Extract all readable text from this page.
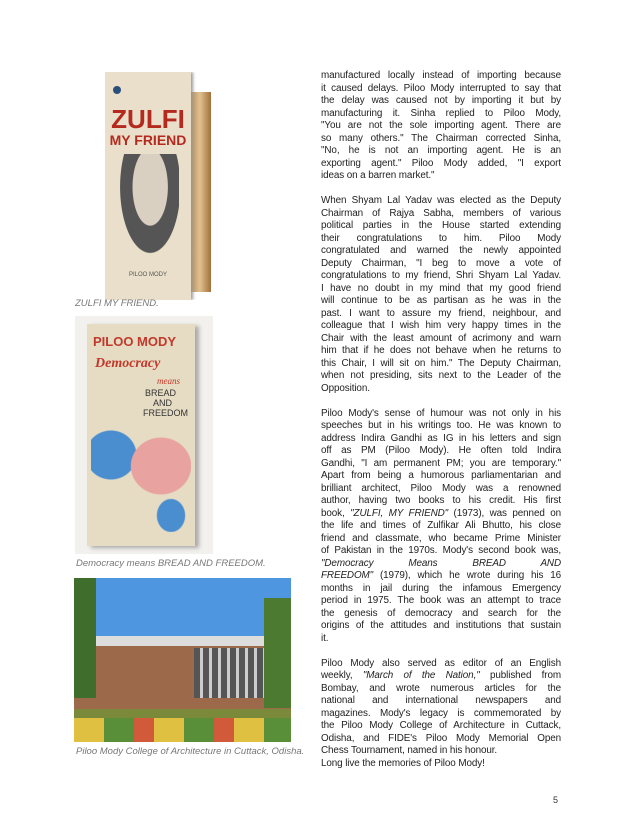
ZULFI
MY FRIEND
PILOO MODY
ZULFI MY FRIEND.
PILOO MODY
Democracy
means
BREAD
AND
FREEDOM
Democracy means BREAD AND FREEDOM.
Piloo Mody College of Architecture in Cuttack, Odisha.
manufactured locally instead of importing because
it caused delays. Piloo Mody interrupted to say that
the delay was caused not by importing it but by
manufacturing it. Sinha replied to Piloo Mody,
"You are not the sole importing agent. There are
so many others." The Chairman corrected Sinha,
"No, he is not an importing agent. He is an
exporting agent." Piloo Mody added, "I export
ideas on a barren market."
When Shyam Lal Yadav was elected as the Deputy
Chairman of Rajya Sabha, members of various
political parties in the House started extending
their congratulations to him. Piloo Mody
congratulated and warned the newly appointed
Deputy Chairman, "I beg to move a vote of
congratulations to my friend, Shri Shyam Lal Yadav.
I have no doubt in my mind that my good friend
will continue to be as partisan as he was in the
past. I want to assure my friend, neighbour, and
colleague that I wish him very happy times in the
Chair with the least amount of acrimony and warn
him that if he does not behave when he returns to
this Chair, I will sit on him." The Deputy Chairman,
when not presiding, sits next to the Leader of the
Opposition.
Piloo Mody's sense of humour was not only in his
speeches but in his writings too. He was known to
address Indira Gandhi as IG in his letters and sign
off as PM (Piloo Mody). He often told Indira
Gandhi, "I am permanent PM; you are temporary."
Apart from being a humorous parliamentarian and
brilliant architect, Piloo Mody was a renowned
author, having two books to his credit. His first
book, "ZULFI, MY FRIEND" (1973), was penned on
the life and times of Zulfikar Ali Bhutto, his close
friend and classmate, who became Prime Minister
of Pakistan in the 1970s. Mody's second book was,
"Democracy Means BREAD AND
FREEDOM" (1979), which he wrote during his 16
months in jail during the infamous Emergency
period in 1975. The book was an attempt to trace
the genesis of democracy and search for the
origins of the attitudes and institutions that sustain
it.
Piloo Mody also served as editor of an English
weekly, "March of the Nation," published from
Bombay, and wrote numerous articles for the
national and international newspapers and
magazines. Mody's legacy is commemorated by
the Piloo Mody College of Architecture in Cuttack,
Odisha, and FIDE's Piloo Mody Memorial Open
Chess Tournament, named in his honour.
Long live the memories of Piloo Mody!
5
